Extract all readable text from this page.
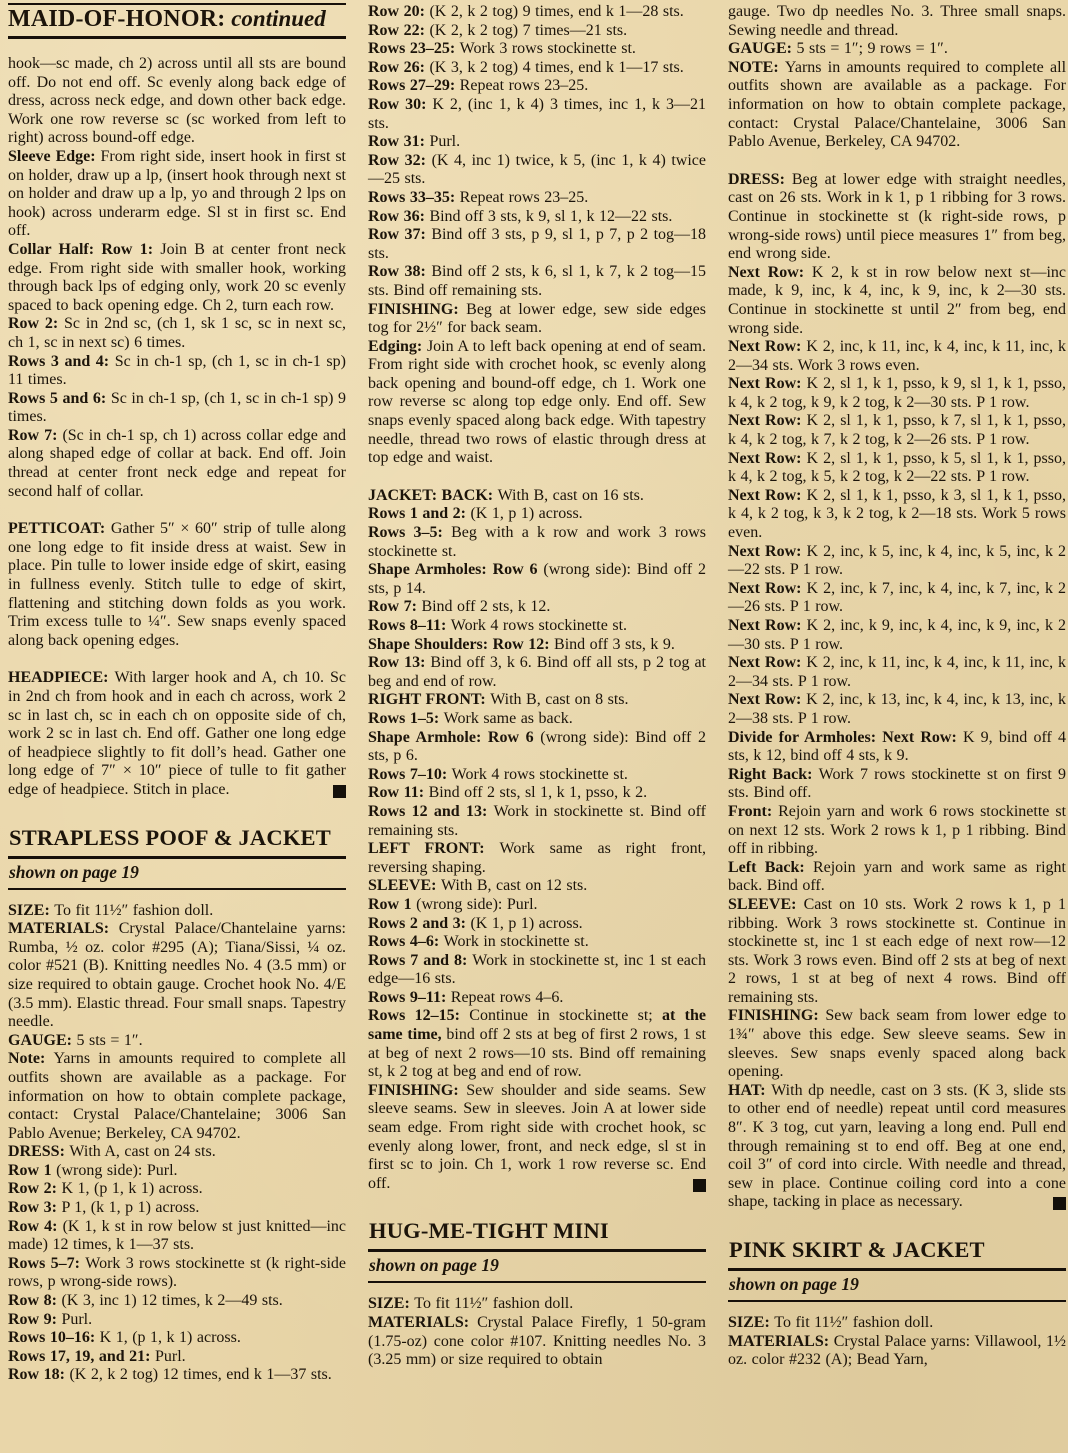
MAID-OF-HONOR: continued

hook—sc made, ch 2) across until all sts are bound off. Do not end off. Sc evenly along back edge of dress, across neck edge, and down other back edge. Work one row reverse sc (sc worked from left to right) across bound-off edge.

Sleeve Edge: From right side, insert hook in first st on holder, draw up a lp, (insert hook through next st on holder and draw up a lp, yo and through 2 lps on hook) across underarm edge. Sl st in first sc. End off.

Collar Half: Row 1: Join B at center front neck edge. From right side with smaller hook, working through back lps of edging only, work 20 sc evenly spaced to back opening edge. Ch 2, turn each row.

Row 2: Sc in 2nd sc, (ch 1, sk 1 sc, sc in next sc, ch 1, sc in next sc) 6 times.

Rows 3 and 4: Sc in ch-1 sp, (ch 1, sc in ch-1 sp) 11 times.

Rows 5 and 6: Sc in ch-1 sp, (ch 1, sc in ch-1 sp) 9 times.

Row 7: (Sc in ch-1 sp, ch 1) across collar edge and along shaped edge of collar at back. End off. Join thread at center front neck edge and repeat for second half of collar.

PETTICOAT: Gather 5″ × 60″ strip of tulle along one long edge to fit inside dress at waist. Sew in place. Pin tulle to lower inside edge of skirt, easing in fullness evenly. Stitch tulle to edge of skirt, flattening and stitching down folds as you work. Trim excess tulle to ¼″. Sew snaps evenly spaced along back opening edges.

HEADPIECE: With larger hook and A, ch 10. Sc in 2nd ch from hook and in each ch across, work 2 sc in last ch, sc in each ch on opposite side of ch, work 2 sc in last ch. End off. Gather one long edge of headpiece slightly to fit doll’s head. Gather one long edge of 7″ × 10″ piece of tulle to fit gather edge of headpiece. Stitch in place.

STRAPLESS POOF & JACKET
shown on page 19

SIZE: To fit 11½″ fashion doll.

MATERIALS: Crystal Palace/Chantelaine yarns: Rumba, ½ oz. color #295 (A); Tiana/Sissi, ¼ oz. color #521 (B). Knitting needles No. 4 (3.5 mm) or size required to obtain gauge. Crochet hook No. 4/E (3.5 mm). Elastic thread. Four small snaps. Tapestry needle.

GAUGE: 5 sts = 1″.

Note: Yarns in amounts required to complete all outfits shown are available as a package. For information on how to obtain complete package, contact: Crystal Palace/Chantelaine; 3006 San Pablo Avenue; Berkeley, CA 94702.

DRESS: With A, cast on 24 sts.

Row 1 (wrong side): Purl.

Row 2: K 1, (p 1, k 1) across.

Row 3: P 1, (k 1, p 1) across.

Row 4: (K 1, k st in row below st just knitted—inc made) 12 times, k 1—37 sts.

Rows 5–7: Work 3 rows stockinette st (k right-side rows, p wrong-side rows).

Row 8: (K 3, inc 1) 12 times, k 2—49 sts.

Row 9: Purl.

Rows 10–16: K 1, (p 1, k 1) across.

Rows 17, 19, and 21: Purl.

Row 18: (K 2, k 2 tog) 12 times, end k 1—37 sts.

Row 20: (K 2, k 2 tog) 9 times, end k 1—28 sts.

Row 22: (K 2, k 2 tog) 7 times—21 sts.

Rows 23–25: Work 3 rows stockinette st.

Row 26: (K 3, k 2 tog) 4 times, end k 1—17 sts.

Rows 27–29: Repeat rows 23–25.

Row 30: K 2, (inc 1, k 4) 3 times, inc 1, k 3—21 sts.

Row 31: Purl.

Row 32: (K 4, inc 1) twice, k 5, (inc 1, k 4) twice—25 sts.

Rows 33–35: Repeat rows 23–25.

Row 36: Bind off 3 sts, k 9, sl 1, k 12—22 sts.

Row 37: Bind off 3 sts, p 9, sl 1, p 7, p 2 tog—18 sts.

Row 38: Bind off 2 sts, k 6, sl 1, k 7, k 2 tog—15 sts. Bind off remaining sts.

FINISHING: Beg at lower edge, sew side edges tog for 2½″ for back seam.

Edging: Join A to left back opening at end of seam. From right side with crochet hook, sc evenly along back opening and bound-off edge, ch 1. Work one row reverse sc along top edge only. End off. Sew snaps evenly spaced along back edge. With tapestry needle, thread two rows of elastic through dress at top edge and waist.

JACKET: BACK: With B, cast on 16 sts.

Rows 1 and 2: (K 1, p 1) across.

Rows 3–5: Beg with a k row and work 3 rows stockinette st.

Shape Armholes: Row 6 (wrong side): Bind off 2 sts, p 14.

Row 7: Bind off 2 sts, k 12.

Rows 8–11: Work 4 rows stockinette st.

Shape Shoulders: Row 12: Bind off 3 sts, k 9.

Row 13: Bind off 3, k 6. Bind off all sts, p 2 tog at beg and end of row.

RIGHT FRONT: With B, cast on 8 sts.

Rows 1–5: Work same as back.

Shape Armhole: Row 6 (wrong side): Bind off 2 sts, p 6.

Rows 7–10: Work 4 rows stockinette st.

Row 11: Bind off 2 sts, sl 1, k 1, psso, k 2.

Rows 12 and 13: Work in stockinette st. Bind off remaining sts.

LEFT FRONT: Work same as right front, reversing shaping.

SLEEVE: With B, cast on 12 sts.

Row 1 (wrong side): Purl.

Rows 2 and 3: (K 1, p 1) across.

Rows 4–6: Work in stockinette st.

Rows 7 and 8: Work in stockinette st, inc 1 st each edge—16 sts.

Rows 9–11: Repeat rows 4–6.

Rows 12–15: Continue in stockinette st; at the same time, bind off 2 sts at beg of first 2 rows, 1 st at beg of next 2 rows—10 sts. Bind off remaining st, k 2 tog at beg and end of row.

FINISHING: Sew shoulder and side seams. Sew sleeve seams. Sew in sleeves. Join A at lower side seam edge. From right side with crochet hook, sc evenly along lower, front, and neck edge, sl st in first sc to join. Ch 1, work 1 row reverse sc. End off.

HUG-ME-TIGHT MINI
shown on page 19

SIZE: To fit 11½″ fashion doll.

MATERIALS: Crystal Palace Firefly, 1 50-gram (1.75-oz) cone color #107. Knitting needles No. 3 (3.25 mm) or size required to obtain

gauge. Two dp needles No. 3. Three small snaps. Sewing needle and thread.

GAUGE: 5 sts = 1″; 9 rows = 1″.

NOTE: Yarns in amounts required to complete all outfits shown are available as a package. For information on how to obtain complete package, contact: Crystal Palace/Chantelaine, 3006 San Pablo Avenue, Berkeley, CA 94702.

DRESS: Beg at lower edge with straight needles, cast on 26 sts. Work in k 1, p 1 ribbing for 3 rows. Continue in stockinette st (k right-side rows, p wrong-side rows) until piece measures 1″ from beg, end wrong side.

Next Row: K 2, k st in row below next st—inc made, k 9, inc, k 4, inc, k 9, inc, k 2—30 sts. Continue in stockinette st until 2″ from beg, end wrong side.

Next Row: K 2, inc, k 11, inc, k 4, inc, k 11, inc, k 2—34 sts. Work 3 rows even.

Next Row: K 2, sl 1, k 1, psso, k 9, sl 1, k 1, psso, k 4, k 2 tog, k 9, k 2 tog, k 2—30 sts. P 1 row.

Next Row: K 2, sl 1, k 1, psso, k 7, sl 1, k 1, psso, k 4, k 2 tog, k 7, k 2 tog, k 2—26 sts. P 1 row.

Next Row: K 2, sl 1, k 1, psso, k 5, sl 1, k 1, psso, k 4, k 2 tog, k 5, k 2 tog, k 2—22 sts. P 1 row.

Next Row: K 2, sl 1, k 1, psso, k 3, sl 1, k 1, psso, k 4, k 2 tog, k 3, k 2 tog, k 2—18 sts. Work 5 rows even.

Next Row: K 2, inc, k 5, inc, k 4, inc, k 5, inc, k 2—22 sts. P 1 row.

Next Row: K 2, inc, k 7, inc, k 4, inc, k 7, inc, k 2—26 sts. P 1 row.

Next Row: K 2, inc, k 9, inc, k 4, inc, k 9, inc, k 2—30 sts. P 1 row.

Next Row: K 2, inc, k 11, inc, k 4, inc, k 11, inc, k 2—34 sts. P 1 row.

Next Row: K 2, inc, k 13, inc, k 4, inc, k 13, inc, k 2—38 sts. P 1 row.

Divide for Armholes: Next Row: K 9, bind off 4 sts, k 12, bind off 4 sts, k 9.

Right Back: Work 7 rows stockinette st on first 9 sts. Bind off.

Front: Rejoin yarn and work 6 rows stockinette st on next 12 sts. Work 2 rows k 1, p 1 ribbing. Bind off in ribbing.

Left Back: Rejoin yarn and work same as right back. Bind off.

SLEEVE: Cast on 10 sts. Work 2 rows k 1, p 1 ribbing. Work 3 rows stockinette st. Continue in stockinette st, inc 1 st each edge of next row—12 sts. Work 3 rows even. Bind off 2 sts at beg of next 2 rows, 1 st at beg of next 4 rows. Bind off remaining sts.

FINISHING: Sew back seam from lower edge to 1¾″ above this edge. Sew sleeve seams. Sew in sleeves. Sew snaps evenly spaced along back opening.

HAT: With dp needle, cast on 3 sts. (K 3, slide sts to other end of needle) repeat until cord measures 8″. K 3 tog, cut yarn, leaving a long end. Pull end through remaining st to end off. Beg at one end, coil 3″ of cord into circle. With needle and thread, sew in place. Continue coiling cord into a cone shape, tacking in place as necessary.

PINK SKIRT & JACKET
shown on page 19

SIZE: To fit 11½″ fashion doll.

MATERIALS: Crystal Palace yarns: Villawool, 1½ oz. color #232 (A); Bead Yarn,
